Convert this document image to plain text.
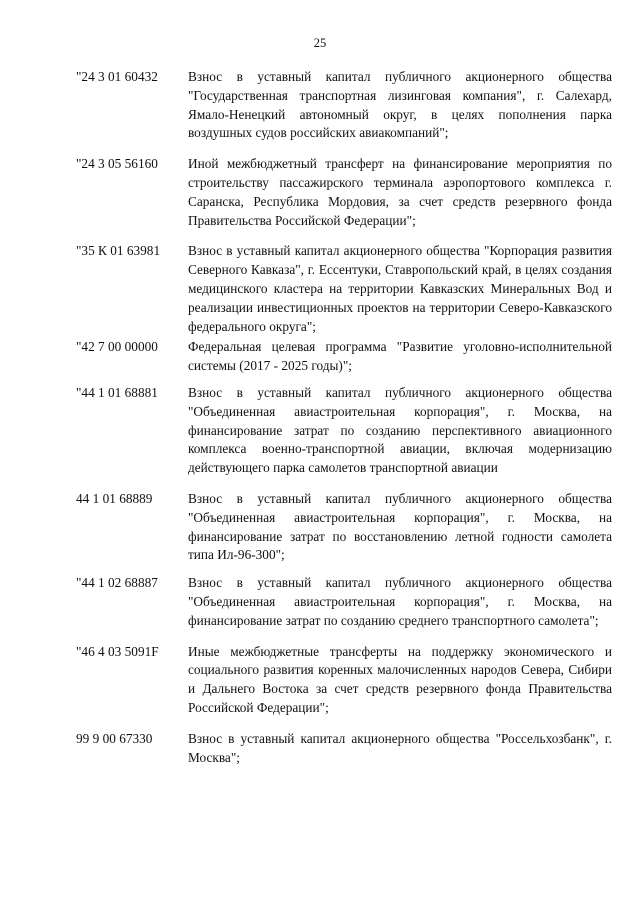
25
"24 3 01 60432	Взнос в уставный капитал публичного акционерного общества "Государственная транспортная лизинговая компания", г. Салехард, Ямало-Ненецкий автономный округ, в целях пополнения парка воздушных судов российских авиакомпаний";
"24 3 05 56160	Иной межбюджетный трансферт на финансирование мероприятия по строительству пассажирского терминала аэропортового комплекса г. Саранска, Республика Мордовия, за счет средств резервного фонда Правительства Российской Федерации";
"35 К 01 63981	Взнос в уставный капитал акционерного общества "Корпорация развития Северного Кавказа", г. Ессентуки, Ставропольский край, в целях создания медицинского кластера на территории Кавказских Минеральных Вод и реализации инвестиционных проектов на территории Северо-Кавказского федерального округа";
"42 7 00 00000	Федеральная целевая программа "Развитие уголовно-исполнительной системы (2017 - 2025 годы)";
"44 1 01 68881	Взнос в уставный капитал публичного акционерного общества "Объединенная авиастроительная корпорация", г. Москва, на финансирование затрат по созданию перспективного авиационного комплекса военно-транспортной авиации, включая модернизацию действующего парка самолетов транспортной авиации
44 1 01 68889	Взнос в уставный капитал публичного акционерного общества "Объединенная авиастроительная корпорация", г. Москва, на финансирование затрат по восстановлению летной годности самолета типа Ил-96-300";
"44 1 02 68887	Взнос в уставный капитал публичного акционерного общества "Объединенная авиастроительная корпорация", г. Москва, на финансирование затрат по созданию среднего транспортного самолета";
"46 4 03 5091F	Иные межбюджетные трансферты на поддержку экономического и социального развития коренных малочисленных народов Севера, Сибири и Дальнего Востока за счет средств резервного фонда Правительства Российской Федерации";
99 9 00 67330	Взнос в уставный капитал акционерного общества "Россельхозбанк", г. Москва";
